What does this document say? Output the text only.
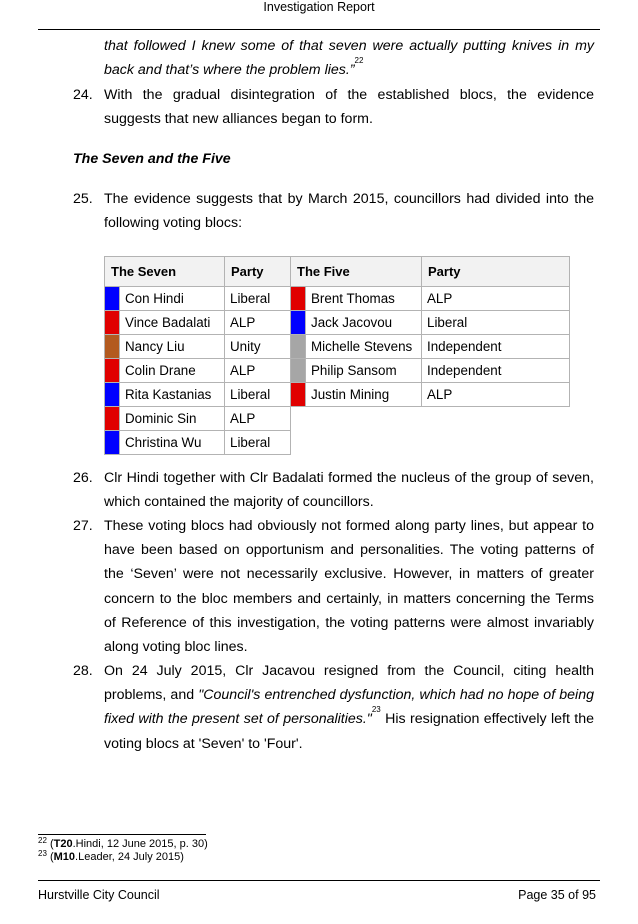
Investigation Report
that followed I knew some of that seven were actually putting knives in my back and that’s where the problem lies.”$^{22}$
24. With the gradual disintegration of the established blocs, the evidence suggests that new alliances began to form.
The Seven and the Five
25. The evidence suggests that by March 2015, councillors had divided into the following voting blocs:
The Seven		Party	The Five		Party
	Con Hindi	Liberal		Brent Thomas	ALP
	Vince Badalati	ALP		Jack Jacovou	Liberal
	Nancy Liu	Unity		Michelle Stevens	Independent
	Colin Drane	ALP		Philip Sansom	Independent
	Rita Kastanias	Liberal		Justin Mining	ALP
	Dominic Sin	ALP			
	Christina Wu	Liberal			
26. Clr Hindi together with Clr Badalati formed the nucleus of the group of seven, which contained the majority of councillors.
27. These voting blocs had obviously not formed along party lines, but appear to have been based on opportunism and personalities. The voting patterns of the ‘Seven’ were not necessarily exclusive. However, in matters of greater concern to the bloc members and certainly, in matters concerning the Terms of Reference of this investigation, the voting patterns were almost invariably along voting bloc lines.
28. On 24 July 2015, Clr Jacavou resigned from the Council, citing health problems, and "Council's entrenched dysfunction, which had no hope of being fixed with the present set of personalities."$^{23}$ His resignation effectively left the voting blocs at 'Seven' to 'Four'.
$^{22}$ (T20.Hindi, 12 June 2015, p. 30)
$^{23}$ (M10.Leader, 24 July 2015)
Hurstville City Council	Page 35 of 95
